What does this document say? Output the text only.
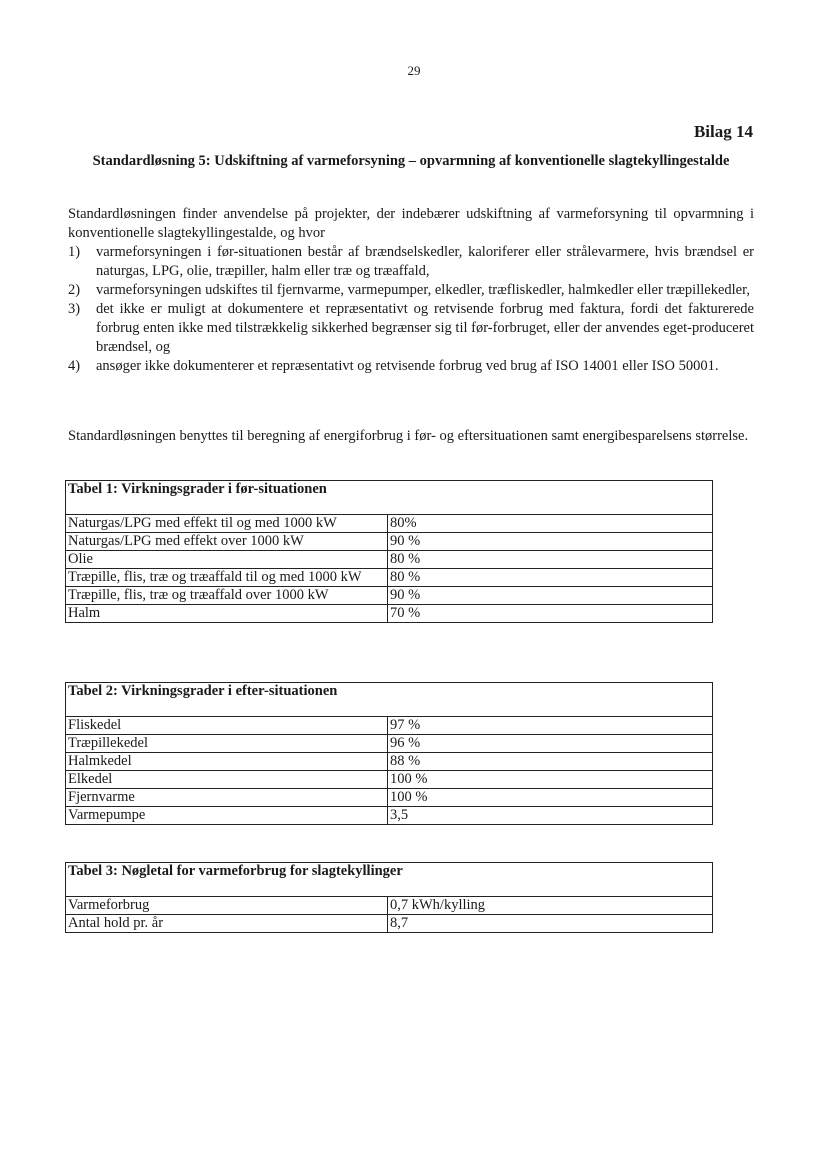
29
Bilag 14
Standardløsning 5: Udskiftning af varmeforsyning – opvarmning af konventionelle slagtekyllingestalde

Standardløsningen finder anvendelse på projekter, der indebærer udskiftning af varmeforsyning til opvarmning i konventionelle slagtekyllingestalde, og hvor

1) varmeforsyningen i før-situationen består af brændselskedler, kaloriferer eller strålevarmere, hvis brændsel er naturgas, LPG, olie, træpiller, halm eller træ og træaffald,
2) varmeforsyningen udskiftes til fjernvarme, varmepumper, elkedler, træfliskedler, halmkedler eller træpillekedler,
3) det ikke er muligt at dokumentere et repræsentativt og retvisende forbrug med faktura, fordi det fakturerede forbrug enten ikke med tilstrækkelig sikkerhed begrænser sig til før-forbruget, eller der anvendes eget-produceret brændsel, og
4) ansøger ikke dokumenterer et repræsentativt og retvisende forbrug ved brug af ISO 14001 eller ISO 50001.

Standardløsningen benyttes til beregning af energiforbrug i før- og eftersituationen samt energibesparelsens størrelse.

Tabel 1: Virkningsgrader i før-situationen	
Naturgas/LPG med effekt til og med 1000 kW	80%
Naturgas/LPG med effekt over 1000 kW	90 %
Olie	80 %
Træpille, flis, træ og træaffald til og med 1000 kW	80 %
Træpille, flis, træ og træaffald over 1000 kW	90 %
Halm	70 %
Tabel 2: Virkningsgrader i efter-situationen	
Fliskedel	97 %
Træpillekedel	96 %
Halmkedel	88 %
Elkedel	100 %
Fjernvarme	100 %
Varmepumpe	3,5
Tabel 3: Nøgletal for varmeforbrug for slagtekyllinger	
Varmeforbrug	0,7 kWh/kylling
Antal hold pr. år	8,7
